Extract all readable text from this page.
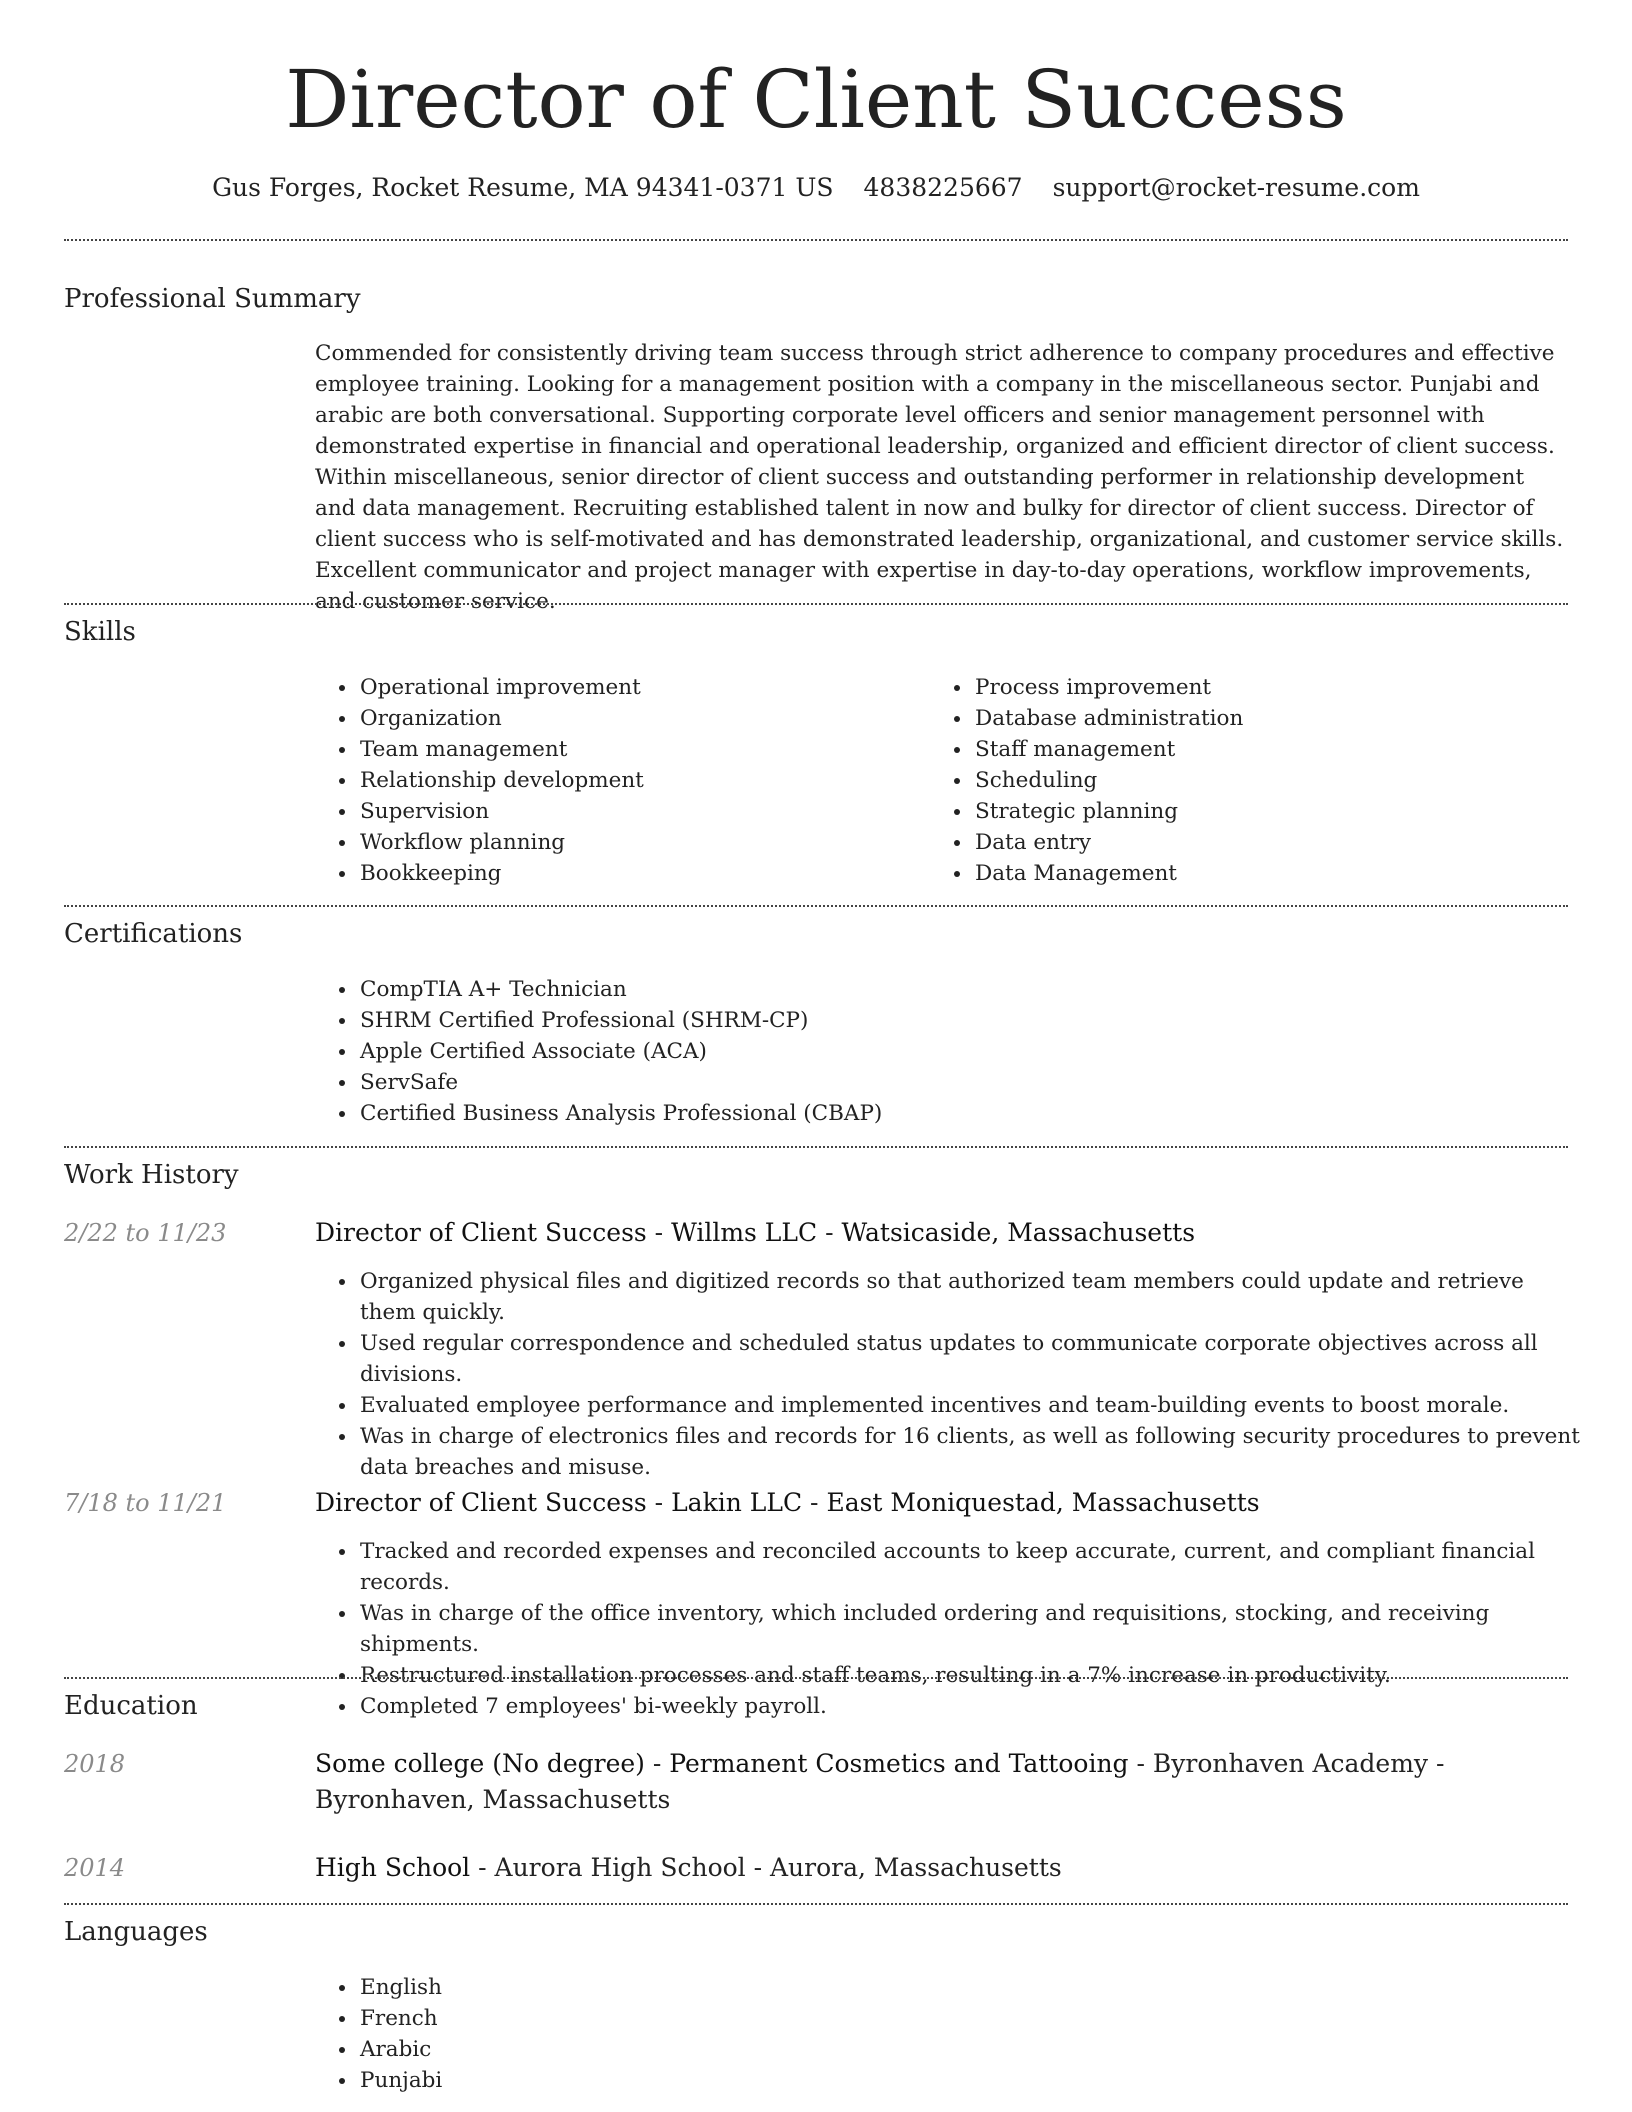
Director of Client Success
Gus Forges, Rocket Resume, MA 94341-0371 US 4838225667 support@rocket-resume.com
Professional Summary

Commended for consistently driving team success through strict adherence to company procedures and effective employee training. Looking for a management position with a company in the miscellaneous sector. Punjabi and arabic are both conversational. Supporting corporate level officers and senior management personnel with demonstrated expertise in financial and operational leadership, organized and efficient director of client success. Within miscellaneous, senior director of client success and outstanding performer in relationship development and data management. Recruiting established talent in now and bulky for director of client success. Director of client success who is self-motivated and has demonstrated leadership, organizational, and customer service skills. Excellent communicator and project manager with expertise in day-to-day operations, workflow improvements, and customer service.

Skills
• Operational improvement
• Organization
• Team management
• Relationship development
• Supervision
• Workflow planning
• Bookkeeping
• Process improvement
• Database administration
• Staff management
• Scheduling
• Strategic planning
• Data entry
• Data Management
Certifications
• CompTIA A+ Technician
• SHRM Certified Professional (SHRM-CP)
• Apple Certified Associate (ACA)
• ServSafe
• Certified Business Analysis Professional (CBAP)
Work History
2/22 to 11/23	Director of Client Success - Willms LLC - Watsicaside, Massachusetts
• Organized physical files and digitized records so that authorized team members could update and retrieve them quickly.
• Used regular correspondence and scheduled status updates to communicate corporate objectives across all divisions.
• Evaluated employee performance and implemented incentives and team-building events to boost morale.
• Was in charge of electronics files and records for 16 clients, as well as following security procedures to prevent data breaches and misuse.
7/18 to 11/21	Director of Client Success - Lakin LLC - East Moniquestad, Massachusetts
• Tracked and recorded expenses and reconciled accounts to keep accurate, current, and compliant financial records.
• Was in charge of the office inventory, which included ordering and requisitions, stocking, and receiving shipments.
• Restructured installation processes and staff teams, resulting in a 7% increase in productivity.
• Completed 7 employees' bi-weekly payroll.
Education
2018	Some college (No degree) - Permanent Cosmetics and Tattooing - Byronhaven Academy - Byronhaven, Massachusetts
2014	High School - Aurora High School - Aurora, Massachusetts
Languages
• English
• French
• Arabic
• Punjabi
